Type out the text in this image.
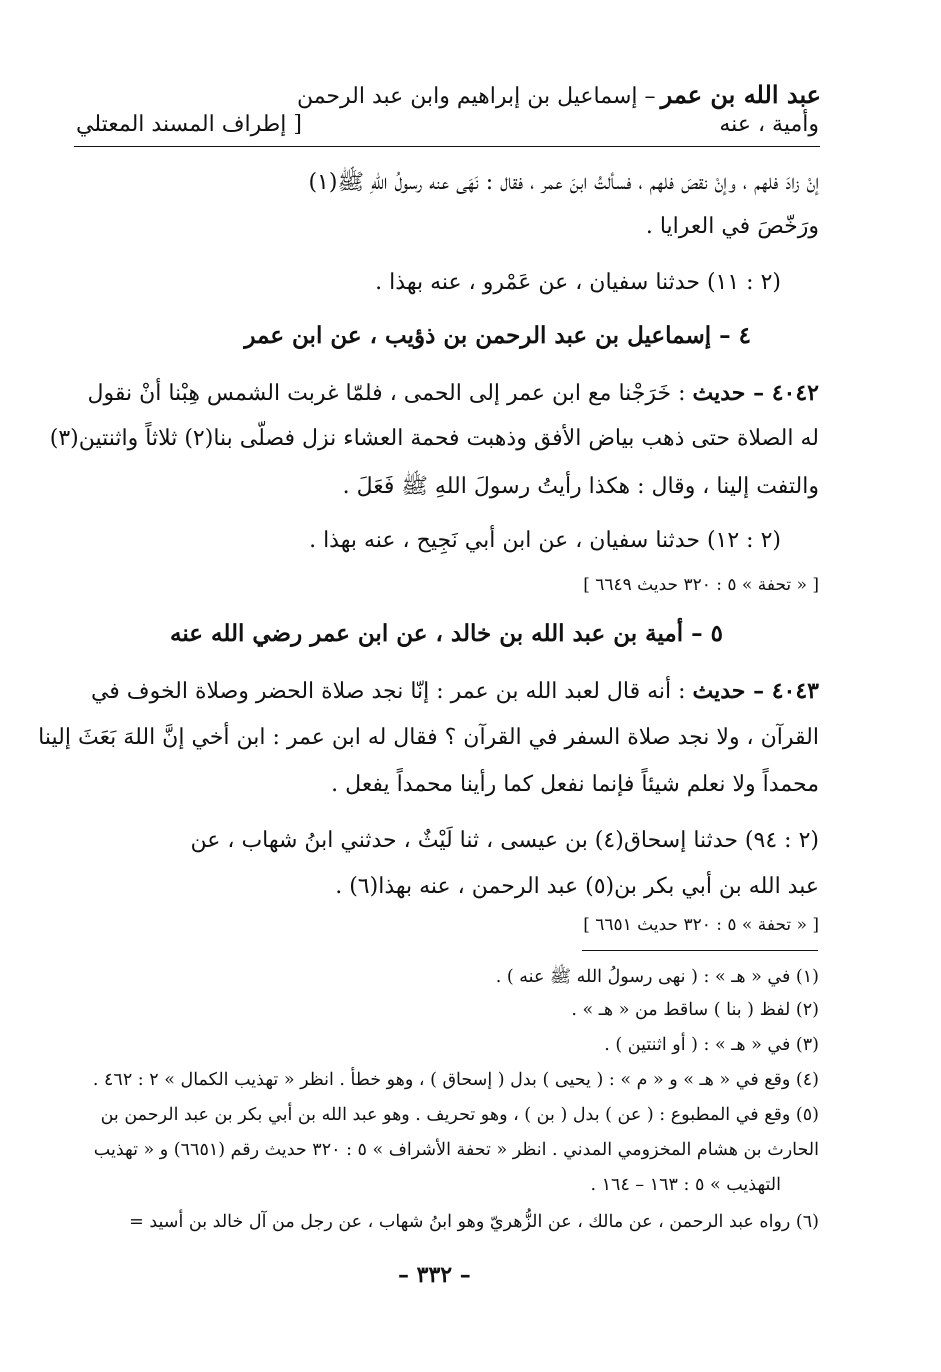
عبد الله بن عمر – إسماعيل بن إبراهيم وابن عبد الرحمن
وأمية ، عنه
[ إطراف المسند المعتلي
إنْ زادَ فلهم ، وإنْ نقصَ فلهم ، فسألتُ ابنَ عمر ، فقال : نَهَى عنه رسولُ اللهِ ﷺ(١)
ورَخّصَ في العرايا .
(٢ : ١١) حدثنا سفيان ، عن عَمْرو ، عنه بهذا .
٤ – إسماعيل بن عبد الرحمن بن ذؤيب ، عن ابن عمر
٤٠٤٢ – حديث : خَرَجْنا مع ابن عمر إلى الحمى ، فلمّا غربت الشمس هِبْنا أنْ نقول
له الصلاة حتى ذهب بياض الأفق وذهبت فحمة العشاء نزل فصلّى بنا(٢) ثلاثاً واثنتين(٣)
والتفت إلينا ، وقال : هكذا رأيتُ رسولَ اللهِ ﷺ فَعَلَ .
(٢ : ١٢) حدثنا سفيان ، عن ابن أبي نَجِيح ، عنه بهذا .
[ « تحفة » ٥ : ٣٢٠ حديث ٦٦٤٩ ]
٥ – أمية بن عبد الله بن خالد ، عن ابن عمر رضي الله عنه
٤٠٤٣ – حديث : أنه قال لعبد الله بن عمر : إنّا نجد صلاة الحضر وصلاة الخوف في
القرآن ، ولا نجد صلاة السفر في القرآن ؟ فقال له ابن عمر : ابن أخي إنَّ اللهَ بَعَثَ إلينا
محمداً ولا نعلم شيئاً فإنما نفعل كما رأينا محمداً يفعل .
(٢ : ٩٤) حدثنا إسحاق(٤) بن عيسى ، ثنا لَيْثٌ ، حدثني ابنُ شهاب ، عن
عبد الله بن أبي بكر بن(٥) عبد الرحمن ، عنه بهذا(٦) .
[ « تحفة » ٥ : ٣٢٠ حديث ٦٦٥١ ]
(١) في « هـ » : ( نهى رسولُ الله ﷺ عنه ) .
(٢) لفظ ( بنا ) ساقط من « هـ » .
(٣) في « هـ » : ( أو اثنتين ) .
(٤) وقع في « هـ » و « م » : ( يحيى ) بدل ( إسحاق ) ، وهو خطأ . انظر « تهذيب الكمال » ٢ : ٤٦٢ .
(٥) وقع في المطبوع : ( عن ) بدل ( بن ) ، وهو تحريف . وهو عبد الله بن أبي بكر بن عبد الرحمن بن
الحارث بن هشام المخزومي المدني . انظر « تحفة الأشراف » ٥ : ٣٢٠ حديث رقم (٦٦٥١) و « تهذيب
التهذيب » ٥ : ١٦٣ – ١٦٤ .
(٦) رواه عبد الرحمن ، عن مالك ، عن الزُّهريّ وهو ابنُ شهاب ، عن رجل من آل خالد بن أسيد =
– ٣٣٢ –
